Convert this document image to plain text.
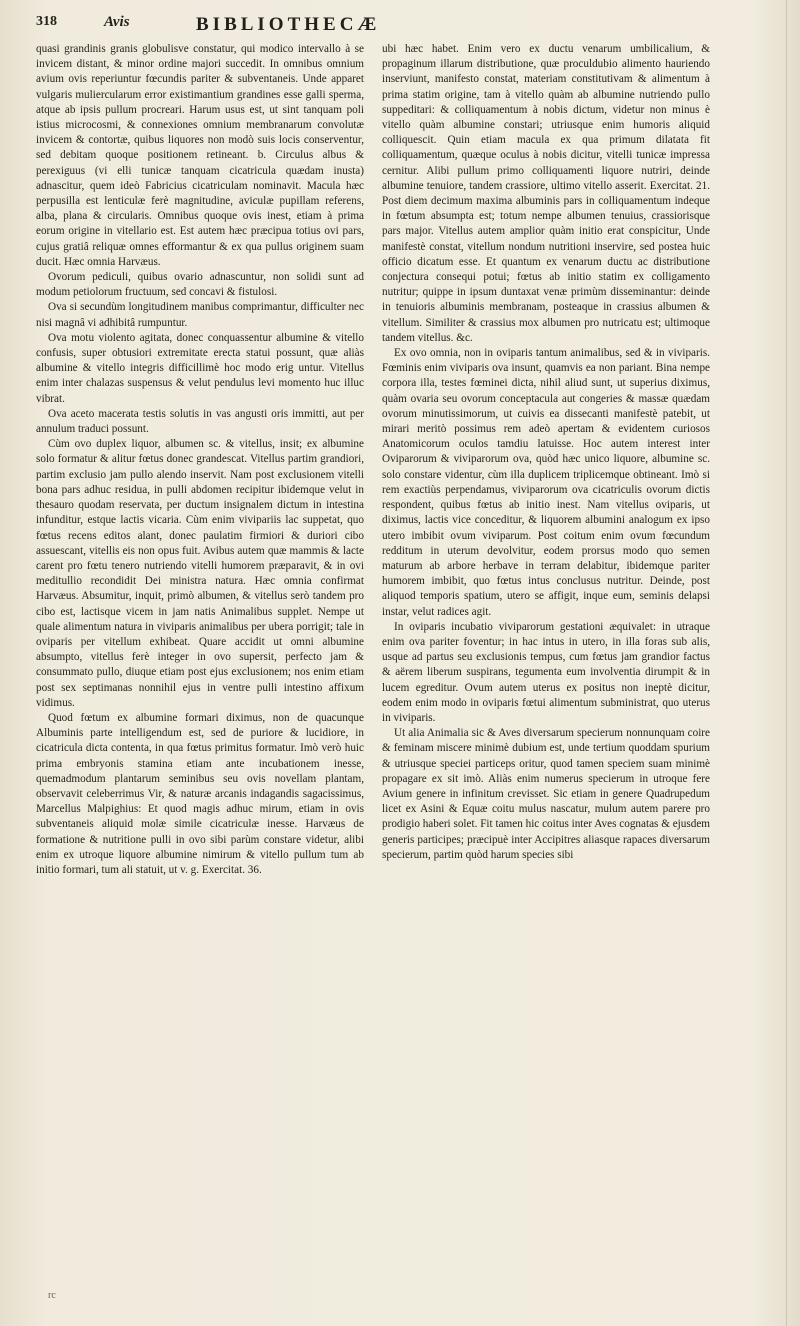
318	Avis	BIBLIOTHECÆ

quasi grandinis granis globulisve constatur, qui modico intervallo à se invicem distant, & minor ordine majori succedit. In omnibus omnium avium ovis reperiuntur fœcundis pariter & subventaneis. Unde apparet vulgaris muliercularum error existimantium grandines esse galli sperma, atque ab ipsis pullum procreari. Harum usus est, ut sint tanquam poli istius microcosmi, & connexiones omnium membranarum convolutæ invicem & contortæ, quibus liquores non modò suis locis conserventur, sed debitam quoque positionem retineant. b. Circulus albus & perexiguus (vi elli tunicæ tanquam cicatricula quædam inusta) adnascitur, quem ideò Fabricius cicatriculam nominavit. Macula hæc perpusilla est lenticulæ ferè magnitudine, aviculæ pupillam referens, alba, plana & circularis. Omnibus quoque ovis inest, etiam à prima eorum origine in vitellario est. Est autem hæc præcipua totius ovi pars, cujus gratiâ reliquæ omnes efformantur & ex qua pullus originem suam ducit. Hæc omnia Harvæus.

Ovorum pediculi, quibus ovario adnascuntur, non solidi sunt ad modum petiolorum fructuum, sed concavi & fistulosi.

Ova si secundùm longitudinem manibus comprimantur, difficulter nec nisi magnâ vi adhibitâ rumpuntur.

Ova motu violento agitata, donec conquassentur albumine & vitello confusis, super obtusiori extremitate erecta statui possunt, quæ aliàs albumine & vitello integris difficillimè hoc modo erig untur. Vitellus enim inter chalazas suspensus & velut pendulus levi momento huc illuc vibrat.

Ova aceto macerata testis solutis in vas angusti oris immitti, aut per annulum traduci possunt.

Cùm ovo duplex liquor, albumen sc. & vitellus, insit; ex albumine solo formatur & alitur fœtus donec grandescat. Vitellus partim grandiori, partim exclusio jam pullo alendo inservit. Nam post exclusionem vitelli bona pars adhuc residua, in pulli abdomen recipitur ibidemque velut in thesauro quodam reservata, per ductum insignalem dictum in intestina infunditur, estque lactis vicaria. Cùm enim vivipariis lac suppetat, quo fœtus recens editos alant, donec paulatim firmiori & duriori cibo assuescant, vitellis eis non opus fuit. Avibus autem quæ mammis & lacte carent pro fœtu tenero nutriendo vitelli humorem præparavit, & in ovi meditullio recondidit Dei ministra natura. Hæc omnia confirmat Harvæus. Absumitur, inquit, primò albumen, & vitellus serò tandem pro cibo est, lactisque vicem in jam natis Animalibus supplet. Nempe ut quale alimentum natura in viviparis animalibus per ubera porrigit; tale in oviparis per vitellum exhibeat. Quare accidit ut omni albumine absumpto, vitellus ferè integer in ovo supersit, perfecto jam & consummato pullo, diuque etiam post ejus exclusionem; nos enim etiam post sex septimanas nonnihil ejus in ventre pulli intestino affixum vidimus.

Quod fœtum ex albumine formari diximus, non de quacunque Albuminis parte intelligendum est, sed de puriore & lucidiore, in cicatricula dicta contenta, in qua fœtus primitus formatur. Imò verò huic prima embryonis stamina etiam ante incubationem inesse, quemadmodum plantarum seminibus seu ovis novellam plantam, observavit celeberrimus Vir, & naturæ arcanis indagandis sagacissimus, Marcellus Malpighius: Et quod magis adhuc mirum, etiam in ovis subventaneis aliquid molæ simile cicatriculæ inesse. Harvæus de formatione & nutritione pulli in ovo sibi parùm constare videtur, alibi enim ex utroque liquore albumine nimirum & vitello pullum tum ab initio formari, tum ali statuit, ut v. g. Exercitat. 36.

ubi hæc habet. Enim vero ex ductu venarum umbilicalium, & propaginum illarum distributione, quæ proculdubio alimento hauriendo inserviunt, manifesto constat, materiam constitutivam & alimentum à prima statim origine, tam à vitello quàm ab albumine nutriendo pullo suppeditari: & colliquamentum à nobis dictum, videtur non minus è vitello quàm albumine constari; utriusque enim humoris aliquid colliquescit. Quin etiam macula ex qua primum dilatata fit colliquamentum, quæque oculus à nobis dicitur, vitelli tunicæ impressa cernitur. Alibi pullum primo colliquamenti liquore nutriri, deinde albumine tenuiore, tandem crassiore, ultimo vitello asserit. Exercitat. 21. Post diem decimum maxima albuminis pars in colliquamentum indeque in fœtum absumpta est; totum nempe albumen tenuius, crassiorisque pars major. Vitellus autem amplior quàm initio erat conspicitur, Unde manifestè constat, vitellum nondum nutritioni inservire, sed postea huic officio dicatum esse. Et quantum ex venarum ductu ac distributione conjectura consequi potui; fœtus ab initio statim ex colligamento nutritur; quippe in ipsum duntaxat venæ primùm disseminantur: deinde in tenuioris albuminis membranam, posteaque in crassius albumen & vitellum. Similiter & crassius mox albumen pro nutricatu est; ultimoque tandem vitellus. &c.

Ex ovo omnia, non in oviparis tantum animalibus, sed & in viviparis. Fœminis enim viviparis ova insunt, quamvis ea non pariant. Bina nempe corpora illa, testes fœminei dicta, nihil aliud sunt, ut superius diximus, quàm ovaria seu ovorum conceptacula aut congeries & massæ quædam ovorum minutissimorum, ut cuivis ea dissecanti manifestè patebit, ut mirari meritò possimus rem adeò apertam & evidentem curiosos Anatomicorum oculos tamdiu latuisse. Hoc autem interest inter Oviparorum & viviparorum ova, quòd hæc unico liquore, albumine sc. solo constare videntur, cùm illa duplicem triplicemque obtineant. Imò si rem exactiùs perpendamus, viviparorum ova cicatriculis ovorum dictis respondent, quibus fœtus ab initio inest. Nam vitellus oviparis, ut diximus, lactis vice conceditur, & liquorem albumini analogum ex ipso utero imbibit ovum viviparum. Post coitum enim ovum fœcundum redditum in uterum devolvitur, eodem prorsus modo quo semen maturum ab arbore herbave in terram delabitur, ibidemque pariter humorem imbibit, quo fœtus intus conclusus nutritur. Deinde, post aliquod temporis spatium, utero se affigit, inque eum, seminis delapsi instar, velut radices agit.

In oviparis incubatio viviparorum gestationi æquivalet: in utraque enim ova pariter foventur; in hac intus in utero, in illa foras sub alis, usque ad partus seu exclusionis tempus, cum fœtus jam grandior factus & aërem liberum suspirans, tegumenta eum involventia dirumpit & in lucem egreditur. Ovum autem uterus ex positus non ineptè dicitur, eodem enim modo in oviparis fœtui alimentum subministrat, quo uterus in viviparis.

Ut alia Animalia sic & Aves diversarum specierum nonnunquam coire & feminam miscere minimè dubium est, unde tertium quoddam spurium & utriusque speciei particeps oritur, quod tamen speciem suam minimè propagare ex sit imò. Aliàs enim numerus specierum in utroque fere Avium genere in infinitum crevisset. Sic etiam in genere Quadrupedum licet ex Asini & Equæ coitu mulus nascatur, mulum autem parere pro prodigio haberi solet. Fit tamen hic coitus inter Aves cognatas & ejusdem generis participes; præcipuè inter Accipitres aliasque rapaces diversarum specierum, partim quòd harum species sibi

rc
